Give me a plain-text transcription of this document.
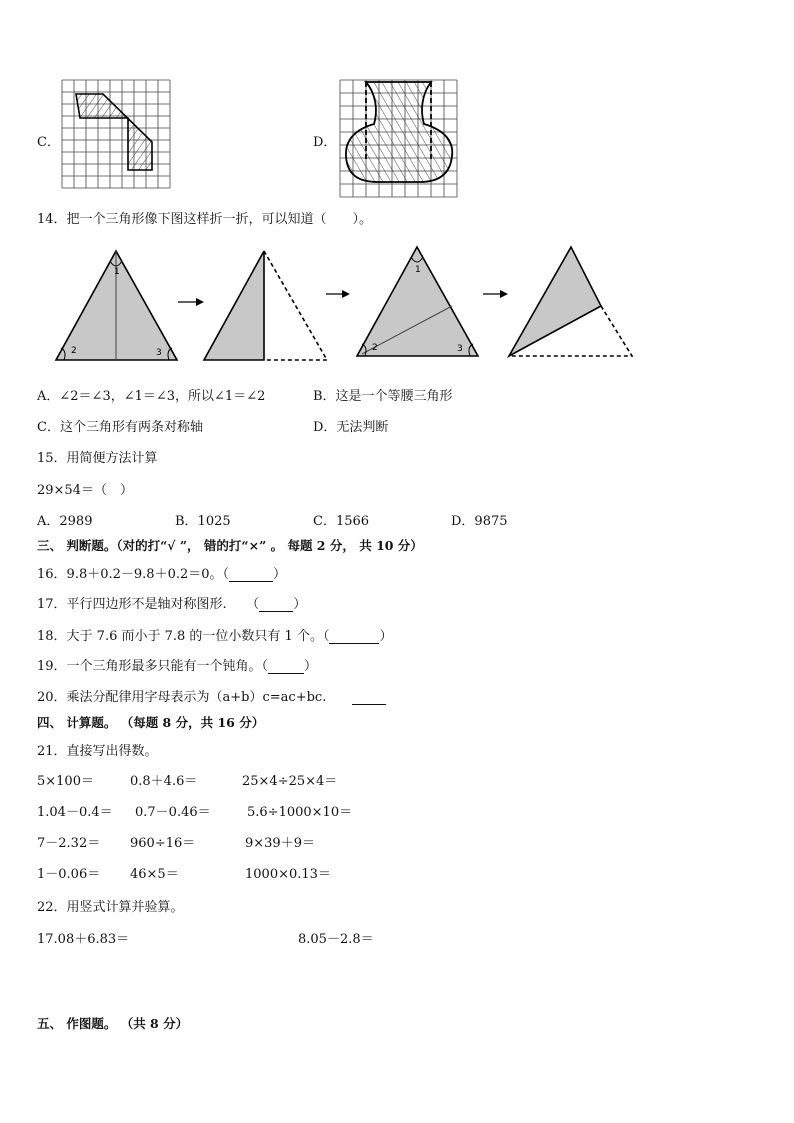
C．	D．
14．把一个三角形像下图这样折一折，可以知道（　　）。
1
2	3
1
2	3
A．∠2＝∠3，∠1＝∠3，所以∠1＝∠2	B．这是一个等腰三角形
C．这个三角形有两条对称轴	D．无法判断
15．用简便方法计算
29×54＝（　）
A．2989	B．1025	C．1566	D．9875
三、 判断题。（对的打“√ ”， 错的打“×” 。 每题 2 分， 共 10 分）
16．9.8＋0.2－9.8＋0.2＝0。（	）
17．平行四边形不是轴对称图形.　　（	）
18．大于 7.6 而小于 7.8 的一位小数只有 1 个。（	）
19．一个三角形最多只能有一个钝角。（	）
20．乘法分配律用字母表示为（a+b）c=ac+bc.
四、 计算题。 （每题 8 分，共 16 分）
21．直接写出得数。
5×100＝	0.8＋4.6＝	25×4÷25×4＝
1.04－0.4＝ 0.7－0.46＝	5.6÷1000×10＝
7－2.32＝ 960÷16＝	9×39＋9＝
1－0.06＝ 46×5＝	1000×0.13＝
22．用竖式计算并验算。
17.08＋6.83＝	8.05－2.8＝
五、 作图题。 （共 8 分）
